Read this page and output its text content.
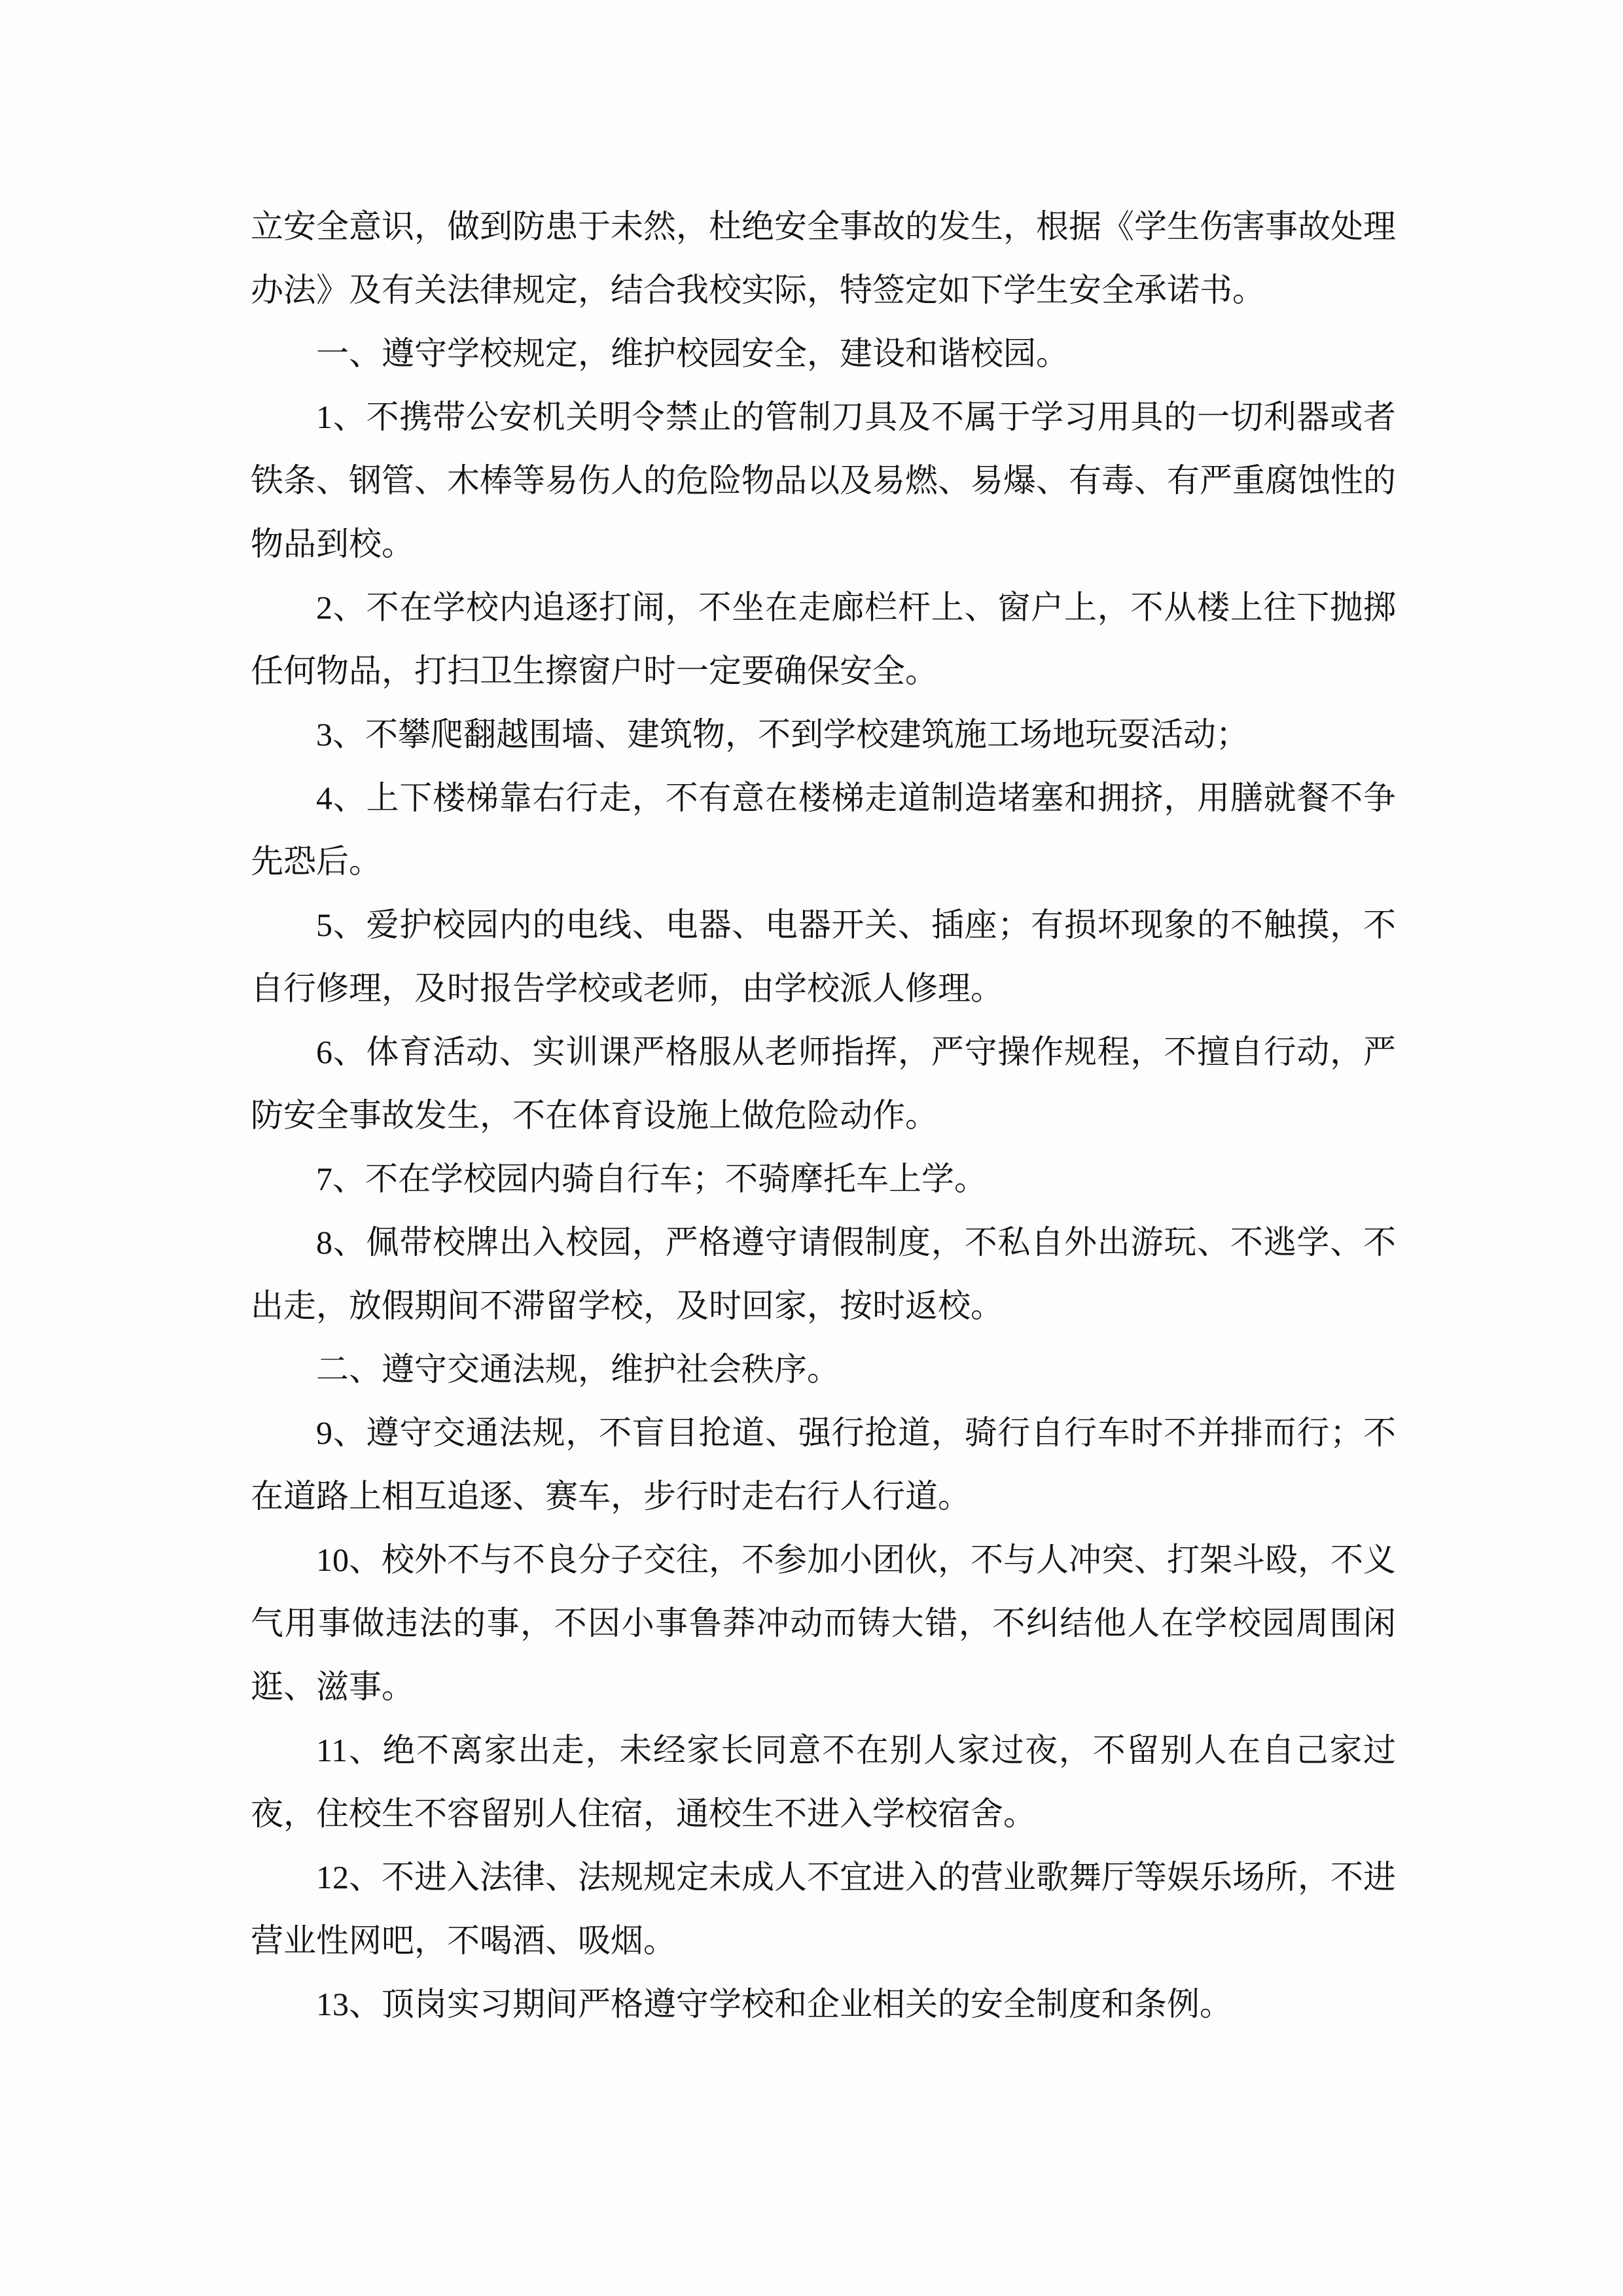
立安全意识，做到防患于未然，杜绝安全事故的发生，根据《学生伤害事故处理办法》及有关法律规定，结合我校实际，特签定如下学生安全承诺书。

一、遵守学校规定，维护校园安全，建设和谐校园。

1、不携带公安机关明令禁止的管制刀具及不属于学习用具的一切利器或者铁条、钢管、木棒等易伤人的危险物品以及易燃、易爆、有毒、有严重腐蚀性的物品到校。

2、不在学校内追逐打闹，不坐在走廊栏杆上、窗户上，不从楼上往下抛掷任何物品，打扫卫生擦窗户时一定要确保安全。

3、不攀爬翻越围墙、建筑物，不到学校建筑施工场地玩耍活动；

4、上下楼梯靠右行走，不有意在楼梯走道制造堵塞和拥挤，用膳就餐不争先恐后。

5、爱护校园内的电线、电器、电器开关、插座；有损坏现象的不触摸，不自行修理，及时报告学校或老师，由学校派人修理。

6、体育活动、实训课严格服从老师指挥，严守操作规程，不擅自行动，严防安全事故发生，不在体育设施上做危险动作。

7、不在学校园内骑自行车；不骑摩托车上学。

8、佩带校牌出入校园，严格遵守请假制度，不私自外出游玩、不逃学、不出走，放假期间不滞留学校，及时回家，按时返校。

二、遵守交通法规，维护社会秩序。

9、遵守交通法规，不盲目抢道、强行抢道，骑行自行车时不并排而行；不在道路上相互追逐、赛车，步行时走右行人行道。

10、校外不与不良分子交往，不参加小团伙，不与人冲突、打架斗殴，不义气用事做违法的事，不因小事鲁莽冲动而铸大错，不纠结他人在学校园周围闲逛、滋事。

11、绝不离家出走，未经家长同意不在别人家过夜，不留别人在自己家过夜，住校生不容留别人住宿，通校生不进入学校宿舍。

12、不进入法律、法规规定未成人不宜进入的营业歌舞厅等娱乐场所，不进营业性网吧，不喝酒、吸烟。

13、顶岗实习期间严格遵守学校和企业相关的安全制度和条例。
